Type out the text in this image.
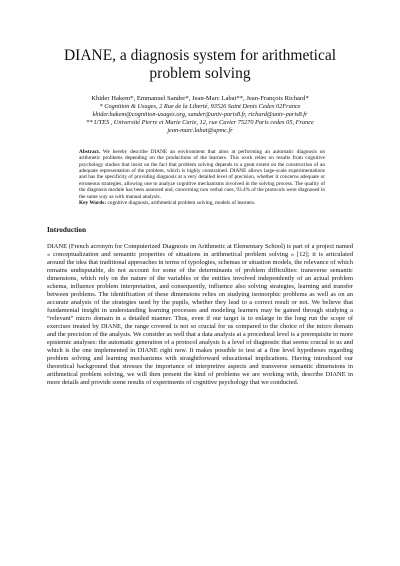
DIANE, a diagnosis system for arithmetical problem solving
Khider Hakem*, Emmanuel Sander*, Jean-Marc Labat**, Jean-François Richard*
* Cognition & Usages, 2 Rue de la Liberté, 93526 Saint Denis Cedex 02France
khider.hakem@cognition-usages.org, sander@univ-paris8.fr, richard@univ-paris8.fr
** UTES , Université Pierre et Marie Curie, 12, rue Cuvier 75270 Paris cedex 05, France
jean-marc.labat@upmc.fr
Abstract. We hereby describe DIANE an environment that aims at performing an automatic diagnosis on arithmetic problems depending on the productions of the learners. This work relies on results from cognitive psychology studies that insist on the fact that problem solving depends to a great extent on the construction of an adequate representation of the problem, which is highly constrained. DIANE allows large-scale experimentations and has the specificity of providing diagnosis at a very detailed level of precision, whether it concerns adequate or erroneous strategies, allowing one to analyze cognitive mechanisms involved in the solving process. The quality of the diagnosis module has been assessed and, concerning non verbal cues, 93.4% of the protocols were diagnosed in the same way as with manual analysis.
Key Words: cognitive diagnosis, arithmetical problem solving, models of learners.
Introduction
DIANE (French acronym for Computerized Diagnosis on Arithmetic at Elementary School) is part of a project named « conceptualization and semantic properties of situations in arithmetical problem solving » [12]; it is articulated around the idea that traditional approaches in terms of typologies, schemas or situation models, the relevance of which remains undisputable, do not account for some of the determinants of problem difficulties: transverse semantic dimensions, which rely on the nature of the variables or the entities involved independently of an actual problem schema, influence problem interpretation, and consequently, influence also solving strategies, learning and transfer between problems. The identification of these dimensions relies on studying isomorphic problems as well as on an accurate analysis of the strategies used by the pupils, whether they lead to a correct result or not. We believe that fundamental insight in understanding learning processes and modeling learners may be gained through studying a “relevant” micro domain in a detailed manner. Thus, even if our target is to enlarge in the long run the scope of exercises treated by DIANE, the range covered is not so crucial for us compared to the choice of the micro domain and the precision of the analysis. We consider as well that a data analysis at a procedural level is a prerequisite to more epistemic analyses: the automatic generation of a protocol analysis is a level of diagnostic that seems crucial to us and which is the one implemented in DIANE right now. It makes possible to test at a fine level hypotheses regarding problem solving and learning mechanisms with straightforward educational implications. Having introduced our theoretical background that stresses the importance of interpretive aspects and transverse semantic dimensions in arithmetical problem solving, we will then present the kind of problems we are working with, describe DIANE in more details and provide some results of experiments of cognitive psychology that we conducted.
